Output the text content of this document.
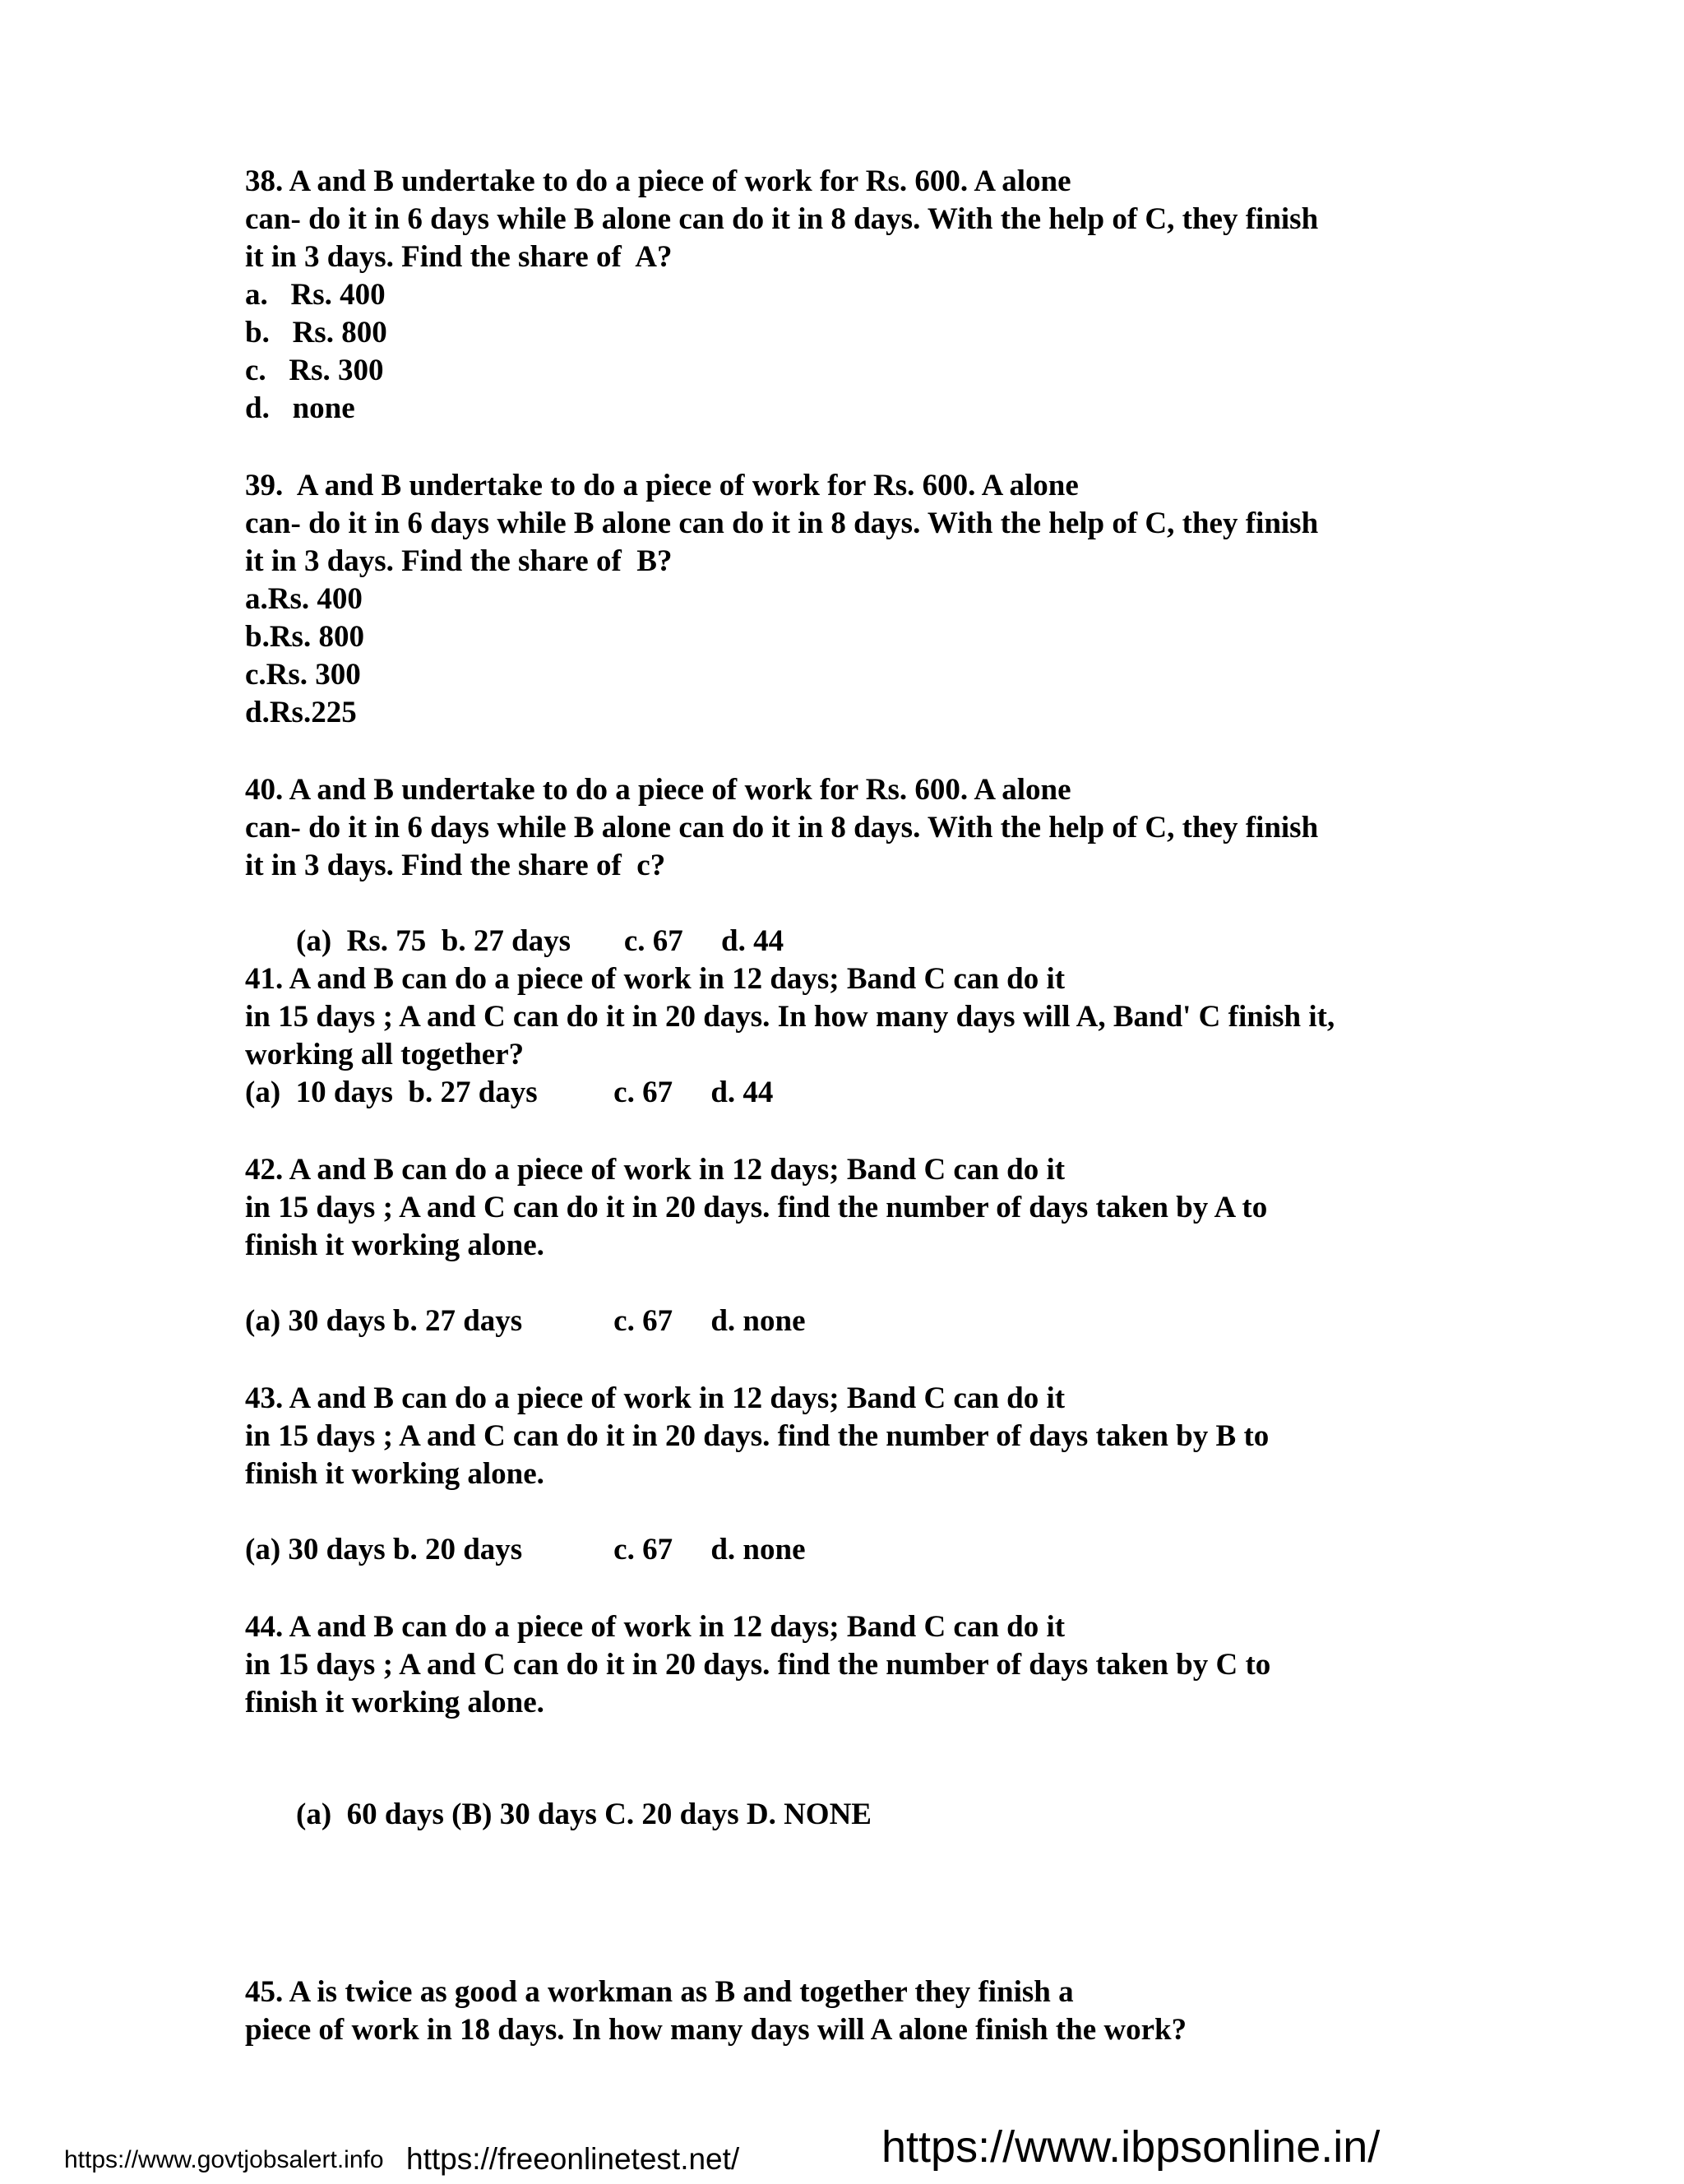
38. A and B undertake to do a piece of work for Rs. 600. A alone
can- do it in 6 days while B alone can do it in 8 days. With the help of C, they finish
it in 3 days. Find the share of  A?
a.   Rs. 400
b.   Rs. 800
c.   Rs. 300
d.   none
39.  A and B undertake to do a piece of work for Rs. 600. A alone
can- do it in 6 days while B alone can do it in 8 days. With the help of C, they finish
it in 3 days. Find the share of  B?
a.Rs. 400
b.Rs. 800
c.Rs. 300
d.Rs.225
40. A and B undertake to do a piece of work for Rs. 600. A alone
can- do it in 6 days while B alone can do it in 8 days. With the help of C, they finish
it in 3 days. Find the share of  c?
(a)  Rs. 75  b. 27 days       c. 67     d. 44
41. A and B can do a piece of work in 12 days; Band C can do it
in 15 days ; A and C can do it in 20 days. In how many days will A, Band' C finish it,
working all together?
(a)  10 days  b. 27 days          c. 67     d. 44
42. A and B can do a piece of work in 12 days; Band C can do it
in 15 days ; A and C can do it in 20 days. find the number of days taken by A to
finish it working alone.
(a) 30 days b. 27 days            c. 67     d. none
43. A and B can do a piece of work in 12 days; Band C can do it
in 15 days ; A and C can do it in 20 days. find the number of days taken by B to
finish it working alone.
(a) 30 days b. 20 days            c. 67     d. none
44. A and B can do a piece of work in 12 days; Band C can do it
in 15 days ; A and C can do it in 20 days. find the number of days taken by C to
finish it working alone.
(a)  60 days (B) 30 days C. 20 days D. NONE
45. A is twice as good a workman as B and together they finish a
piece of work in 18 days. In how many days will A alone finish the work?
https://www.govtjobsalert.info https://freeonlinetest.net/	https://www.ibpsonline.in/
